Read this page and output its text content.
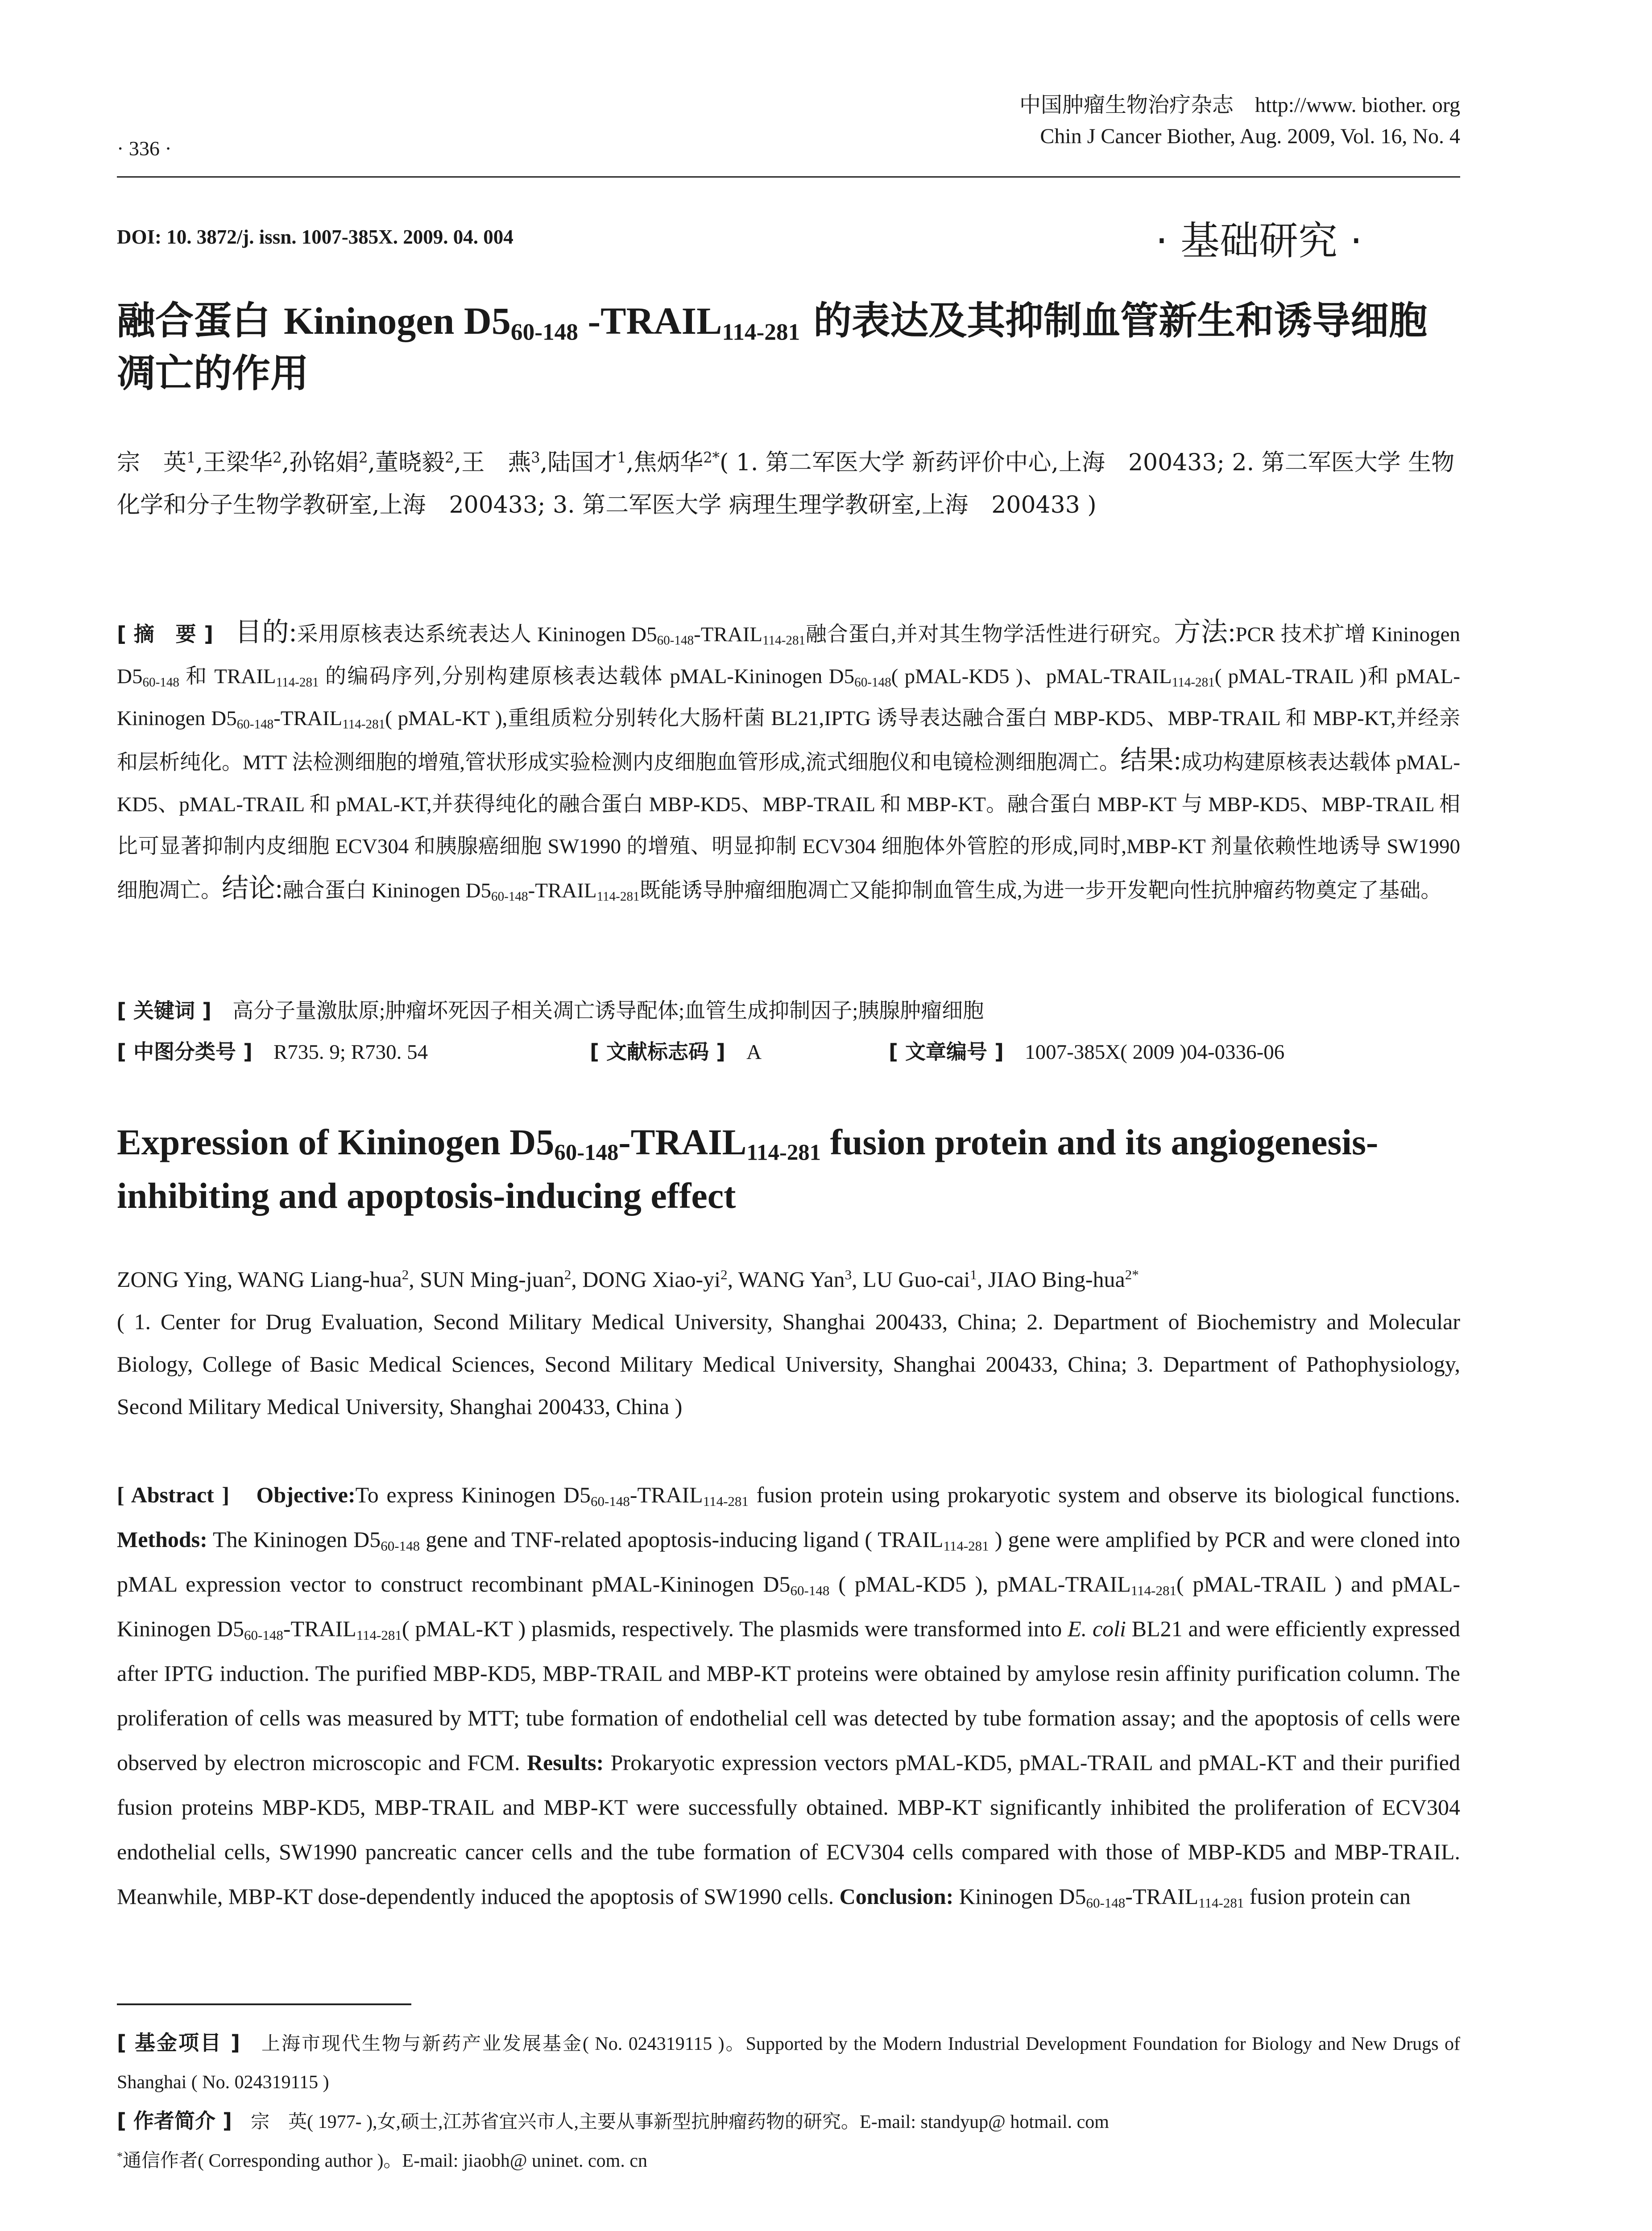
· 336 ·
中国肿瘤生物治疗杂志　 http://www. biother. org
Chin J Cancer Biother, Aug. 2009, Vol. 16, No. 4
DOI: 10. 3872/j. issn. 1007-385X. 2009. 04. 004	· 基础研究 ·
融合蛋白 Kininogen $D5_{60-148}$ $-TRAIL_{114-281}$ 的表达及其抑制血管新生和诱导细胞凋亡的作用
宗　英$^1$,王梁华$^2$,孙铭娟$^2$,董晓毅$^2$,王　燕$^3$,陆国才$^1$,焦炳华$^{2*}$( 1. 第二军医大学 新药评价中心,上海　200433; 2. 第二军医大学 生物化学和分子生物学教研室,上海　200433; 3. 第二军医大学 病理生理学教研室,上海　200433 )
[ 摘　要 ]　 目的:采用原核表达系统表达人 Kininogen $D5_{60-148}-TRAIL_{114-281}$融合蛋白,并对其生物学活性进行研究。方法:PCR 技术扩增 Kininogen $D5_{60-148}$ 和 $TRAIL_{114-281}$ 的编码序列,分别构建原核表达载体 pMAL-Kininogen $D5_{60-148}$( pMAL-KD5 )、pMAL-$TRAIL_{114-281}$( pMAL-TRAIL )和 pMAL-Kininogen $D5_{60-148}-TRAIL_{114-281}$( pMAL-KT ),重组质粒分别转化大肠杆菌 BL21,IPTG 诱导表达融合蛋白 MBP-KD5、MBP-TRAIL 和 MBP-KT,并经亲和层析纯化。MTT 法检测细胞的增殖,管状形成实验检测内皮细胞血管形成,流式细胞仪和电镜检测细胞凋亡。结果:成功构建原核表达载体 pMAL-KD5、pMAL-TRAIL 和 pMAL-KT,并获得纯化的融合蛋白 MBP-KD5、MBP-TRAIL 和 MBP-KT。融合蛋白 MBP-KT 与 MBP-KD5、MBP-TRAIL 相比可显著抑制内皮细胞 ECV304 和胰腺癌细胞 SW1990 的增殖、明显抑制 ECV304 细胞体外管腔的形成,同时,MBP-KT 剂量依赖性地诱导 SW1990 细胞凋亡。结论:融合蛋白 Kininogen $D5_{60-148}-TRAIL_{114-281}$既能诱导肿瘤细胞凋亡又能抑制血管生成,为进一步开发靶向性抗肿瘤药物奠定了基础。
[ 关键词 ]　 高分子量激肽原;肿瘤坏死因子相关凋亡诱导配体;血管生成抑制因子;胰腺肿瘤细胞
[ 中图分类号 ]　 R735. 9; R730. 54	[ 文献标志码 ]　 A	[ 文章编号 ]　 1007-385X( 2009 )04-0336-06
Expression of Kininogen $D5_{60-148}-TRAIL_{114-281}$ fusion protein and its angiogenesis-inhibiting and apoptosis-inducing effect
ZONG Ying, WANG Liang-hua$^2$, SUN Ming-juan$^2$, DONG Xiao-$yi^2$, WANG Yan$^3$, LU Guo-cai$^1$, JIAO Bing-hua$^{2*}$
( 1. Center for Drug Evaluation, Second Military Medical University, Shanghai 200433, China; 2. Department of Biochemistry and Molecular Biology, College of Basic Medical Sciences, Second Military Medical University, Shanghai 200433, China; 3. Department of Pathophysiology, Second Military Medical University, Shanghai 200433, China )
[ Abstract ]　 Objective:To express Kininogen $D5_{60-148}-TRAIL_{114-281}$ fusion protein using prokaryotic system and observe its biological functions. Methods: The Kininogen $D5_{60-148}$ gene and TNF-related apoptosis-inducing ligand ( $TRAIL_{114-281}$ ) gene were amplified by PCR and were cloned into pMAL expression vector to construct recombinant pMAL-Kininogen $D5_{60-148}$ ( pMAL-KD5 ), pMAL-$TRAIL_{114-281}$( pMAL-TRAIL ) and pMAL-Kininogen $D5_{60-148}-TRAIL_{114-281}$( pMAL-KT ) plasmids, respectively. The plasmids were transformed into E. coli BL21 and were efficiently expressed after IPTG induction. The purified MBP-KD5, MBP-TRAIL and MBP-KT proteins were obtained by amylose resin affinity purification column. The proliferation of cells was measured by MTT; tube formation of endothelial cell was detected by tube formation assay; and the apoptosis of cells were observed by electron microscopic and FCM. Results: Prokaryotic expression vectors pMAL-KD5, pMAL-TRAIL and pMAL-KT and their purified fusion proteins MBP-KD5, MBP-TRAIL and MBP-KT were successfully obtained. MBP-KT significantly inhibited the proliferation of ECV304 endothelial cells, SW1990 pancreatic cancer cells and the tube formation of ECV304 cells compared with those of MBP-KD5 and MBP-TRAIL. Meanwhile, MBP-KT dose-dependently induced the apoptosis of SW1990 cells. Conclusion: Kininogen $D5_{60-148}-TRAIL_{114-281}$ fusion protein can
[ 基金项目 ]　 上海市现代生物与新药产业发展基金( No. 024319115 )。Supported by the Modern Industrial Development Foundation for Biology and New Drugs of Shanghai ( No. 024319115 )
[ 作者简介 ]　 宗　英( 1977- ),女,硕士,江苏省宜兴市人,主要从事新型抗肿瘤药物的研究。E-mail: standyup@ hotmail. com
*通信作者( Corresponding author )。E-mail: jiaobh@ uninet. com. cn
